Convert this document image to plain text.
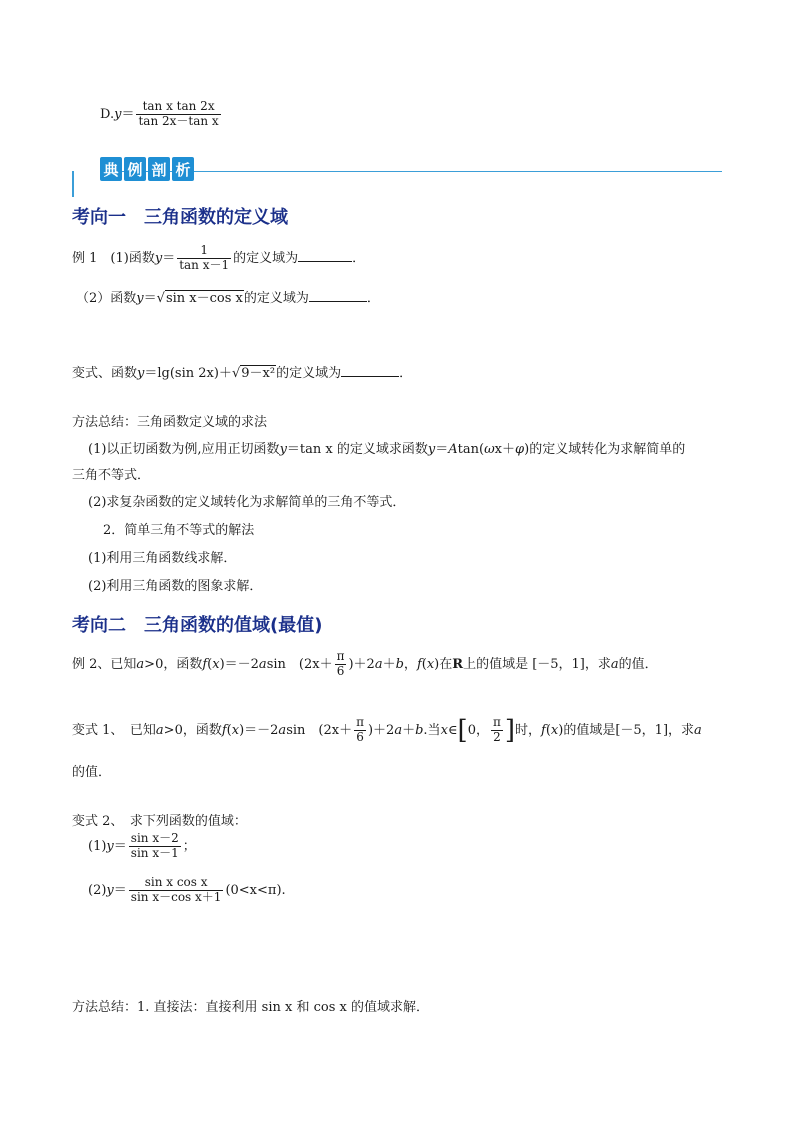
$D.y= \frac{\text{tan x tan 2x}}{\text{tan 2x－tan x}}$
典 例 剖 析
考向一　三角函数的定义域
例 1　(1)函数$y= \frac{1}{\text{tan x－1}}$ 的定义域为	．
（2）函数y＝√sin x－cos x的定义域为	．
变式、函数y＝lg(sin 2x)＋√9－x²的定义域为	．
方法总结：三角函数定义域的求法
(1)以正切函数为例,应用正切函数y＝tan x 的定义域求函数y＝Atan(ωx＋φ)的定义域转化为求解简单的
三角不等式．
(2)求复杂函数的定义域转化为求解简单的三角不等式．
2．简单三角不等式的解法
(1)利用三角函数线求解．
(2)利用三角函数的图象求解．
考向二　三角函数的值域(最值)
例 2、已知a>0，函数f(x)＝－2asin　$(2x+ \frac{\pi}{6} )+2a+b$，f(x)在R上的值域是 [－5，1]，求a的值．
变式 1、　已知a>0，函数f(x)＝－2asin　$(2x+ \frac{\pi}{6} )+2a+b$.当x∈[0， $\frac{\pi}{2}$ ]时，f(x)的值域是[－5，1]，求a
的值．
变式 2、　求下列函数的值域：
$(1)y= \frac{\text{sin x－2}}{\text{sin x－1}}$ ；
$(2)y= \frac{\text{sin x cos x}}{\text{sin x－cos x＋1}} (0<x<\pi)$.
方法总结：1. 直接法：直接利用 sin x 和 cos x 的值域求解．
